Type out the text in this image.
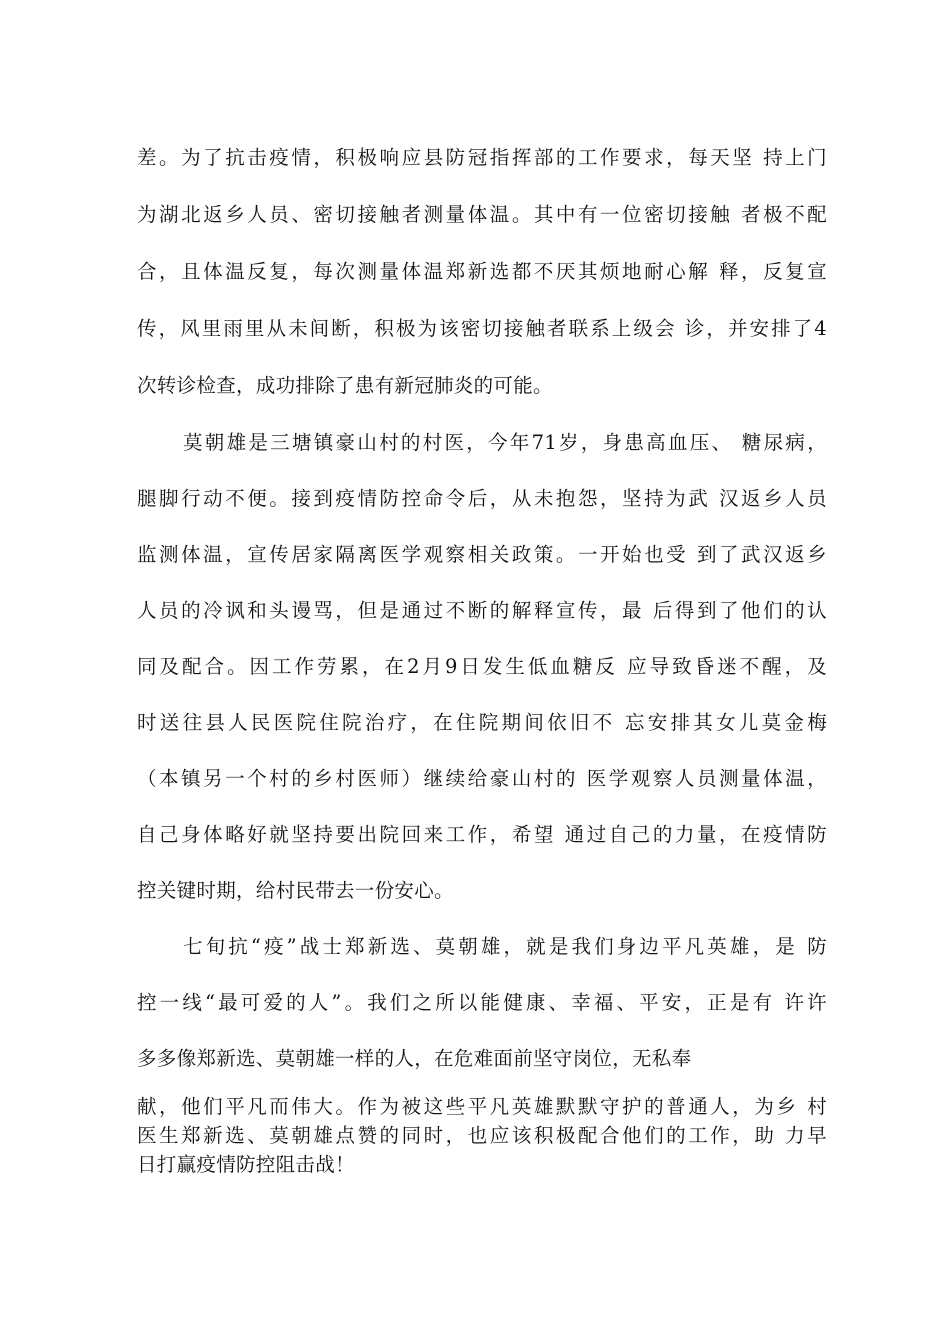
差。为了抗击疫情，积极响应县防冠指挥部的工作要求，每天坚 持上门
为湖北返乡人员、密切接触者测量体温。其中有一位密切接触 者极不配
合，且体温反复，每次测量体温郑新选都不厌其烦地耐心解 释，反复宣
传，风里雨里从未间断，积极为该密切接触者联系上级会 诊，并安排了4
次转诊检查，成功排除了患有新冠肺炎的可能。
莫朝雄是三塘镇豪山村的村医，今年71岁，身患高血压、 糖尿病，
腿脚行动不便。接到疫情防控命令后，从未抱怨，坚持为武 汉返乡人员
监测体温，宣传居家隔离医学观察相关政策。一开始也受 到了武汉返乡
人员的冷讽和头谩骂，但是通过不断的解释宣传，最 后得到了他们的认
同及配合。因工作劳累，在2月9日发生低血糖反 应导致昏迷不醒，及
时送往县人民医院住院治疗，在住院期间依旧不 忘安排其女儿莫金梅
（本镇另一个村的乡村医师）继续给豪山村的 医学观察人员测量体温，
自己身体略好就坚持要出院回来工作，希望 通过自己的力量，在疫情防
控关键时期，给村民带去一份安心。
七旬抗“疫”战士郑新选、莫朝雄，就是我们身边平凡英雄，是 防
控一线“最可爱的人”。我们之所以能健康、幸福、平安，正是有 许许
多多像郑新选、莫朝雄一样的人，在危难面前坚守岗位，无私奉
献，他们平凡而伟大。作为被这些平凡英雄默默守护的普通人，为乡 村
医生郑新选、莫朝雄点赞的同时，也应该积极配合他们的工作，助 力早
日打赢疫情防控阻击战！
